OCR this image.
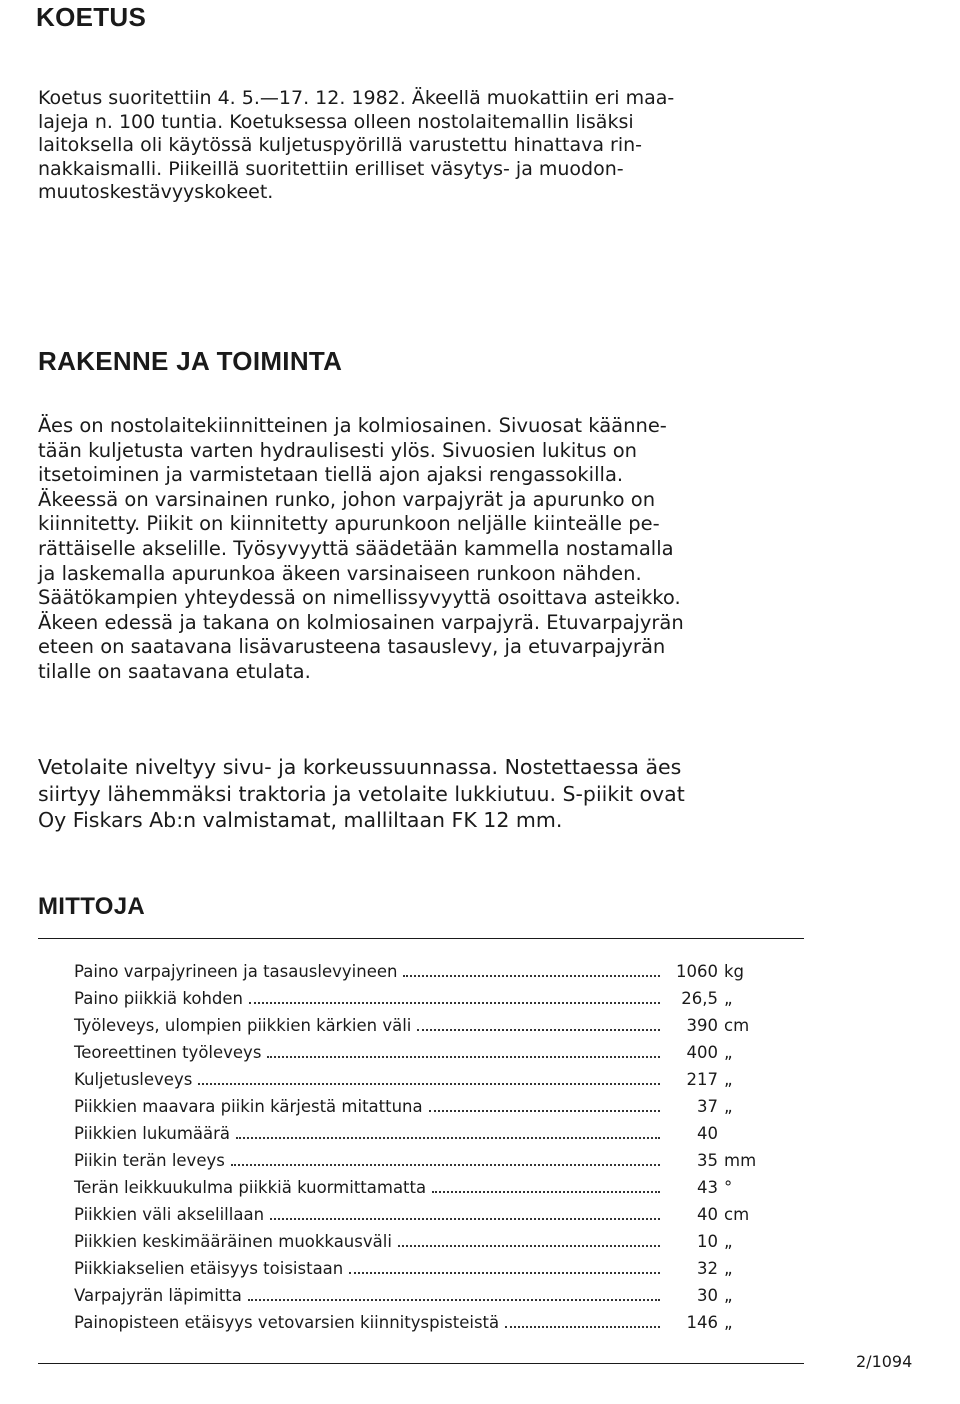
KOETUS

Koetus suoritettiin 4. 5.—17. 12. 1982. Äkeellä muokattiin eri maa-
lajeja n. 100 tuntia. Koetuksessa olleen nostolaitemallin lisäksi
laitoksella oli käytössä kuljetuspyörillä varustettu hinattava rin-
nakkaismalli. Piikeillä suoritettiin erilliset väsytys- ja muodon-
muutoskestävyyskokeet.

RAKENNE JA TOIMINTA

Äes on nostolaitekiinnitteinen ja kolmiosainen. Sivuosat käänne-
tään kuljetusta varten hydraulisesti ylös. Sivuosien lukitus on
itsetoiminen ja varmistetaan tiellä ajon ajaksi rengassokilla.
Äkeessä on varsinainen runko, johon varpajyrät ja apurunko on
kiinnitetty. Piikit on kiinnitetty apurunkoon neljälle kiinteälle pe-
rättäiselle akselille. Työsyvyyttä säädetään kammella nostamalla
ja laskemalla apurunkoa äkeen varsinaiseen runkoon nähden.
Säätökampien yhteydessä on nimellissyvyyttä osoittava asteikko.
Äkeen edessä ja takana on kolmiosainen varpajyrä. Etuvarpajyrän
eteen on saatavana lisävarusteena tasauslevy, ja etuvarpajyrän
tilalle on saatavana etulata.

Vetolaite niveltyy sivu- ja korkeussuunnassa. Nostettaessa äes
siirtyy lähemmäksi traktoria ja vetolaite lukkiutuu. S-piikit ovat
Oy Fiskars Ab:n valmistamat, malliltaan FK 12 mm.

MITTOJA
Paino varpajyrineen ja tasauslevyineen	1060 kg
Paino piikkiä kohden	26,5 „
Työleveys, ulompien piikkien kärkien väli	390 cm
Teoreettinen työleveys	400 „
Kuljetusleveys	217 „
Piikkien maavara piikin kärjestä mitattuna	37 „
Piikkien lukumäärä	40
Piikin terän leveys	35 mm
Terän leikkuukulma piikkiä kuormittamatta	43 °
Piikkien väli akselillaan	40 cm
Piikkien keskimääräinen muokkausväli	10 „
Piikkiakselien etäisyys toisistaan	32 „
Varpajyrän läpimitta	30 „
Painopisteen etäisyys vetovarsien kiinnityspisteistä	146 „

2/1094
